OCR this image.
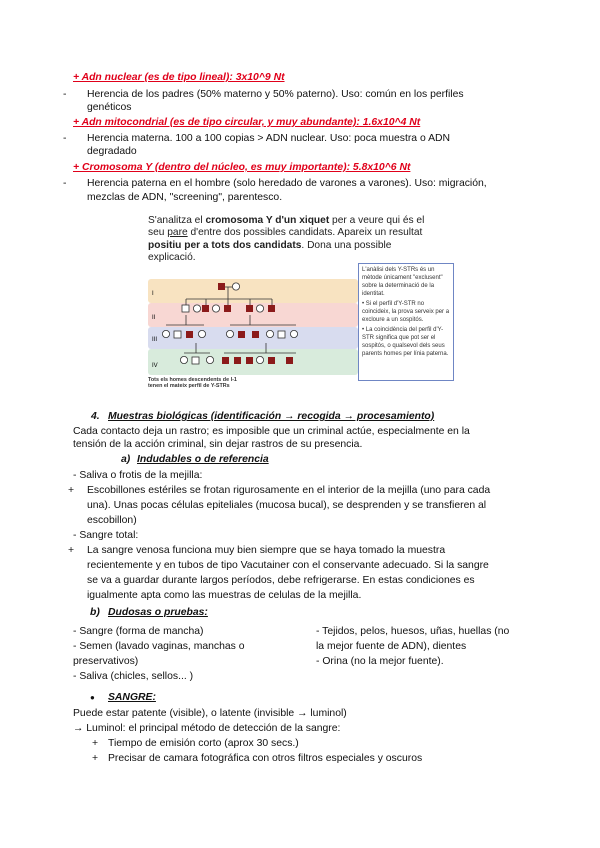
+ Adn nuclear (es de tipo lineal): 3x10^9 Nt
- Herencia de los padres (50% materno y 50% paterno). Uso: común en los perfiles
genéticos
+ Adn mitocondrial (es de tipo circular, y muy abundante): 1.6x10^4 Nt
- Herencia materna. 100 a 100 copias > ADN nuclear. Uso: poca muestra o ADN
degradado
+ Cromosoma Y (dentro del núcleo, es muy importante): 5.8x10^6 Nt
- Herencia paterna en el hombre (solo heredado de varones a varones). Uso: migración,
mezclas de ADN, "screening", parentesco.
S'analitza el cromosoma Y d'un xiquet per a veure qui és el
seu pare d'entre dos possibles candidats. Apareix un resultat
positiu per a tots dos candidats. Dona una possible
explicació.
I
II
III
IV

L'anàlisi dels Y-STRs és un mètode únicament "exclusent" sobre la determinació de la identitat.

• Si el perfil d'Y-STR no coincideix, la prova serveix per a excloure a un sospitós.

• La coincidència del perfil d'Y-STR significa que pot ser el sospitós, o qualsevol dels seus parents homes per línia paterna.

Tots els homes descendents de I-1
tenen el mateix perfil de Y-STRs
4. Muestras biológicas (identificación → recogida → procesamiento)
Cada contacto deja un rastro; es imposible que un criminal actúe, especialmente en la
tensión de la acción criminal, sin dejar rastros de su presencia.
a) Indudables o de referencia
- Saliva o frotis de la mejilla:
+ Escobillones estériles se frotan rigurosamente en el interior de la mejilla (uno para cada
una). Unas pocas células epiteliales (mucosa bucal), se desprenden y se transfieren al
escobillon)
- Sangre total:
+ La sangre venosa funciona muy bien siempre que se haya tomado la muestra
recientemente y en tubos de tipo Vacutainer con el conservante adecuado. Si la sangre
se va a guardar durante largos períodos, debe refrigerarse. En estas condiciones es
igualmente apta como las muestras de celulas de la mejilla.
b) Dudosas o pruebas:
- Sangre (forma de mancha)
- Semen (lavado vaginas, manchas o
preservativos)
- Saliva (chicles, sellos... )
- Tejidos, pelos, huesos, uñas, huellas (no
la mejor fuente de ADN), dientes
- Orina (no la mejor fuente).
● SANGRE:
Puede estar patente (visible), o latente (invisible → luminol)
→ Luminol: el principal método de detección de la sangre:
+ Tiempo de emisión corto (aprox 30 secs.)
+ Precisar de camara fotográfica con otros filtros especiales y oscuros
